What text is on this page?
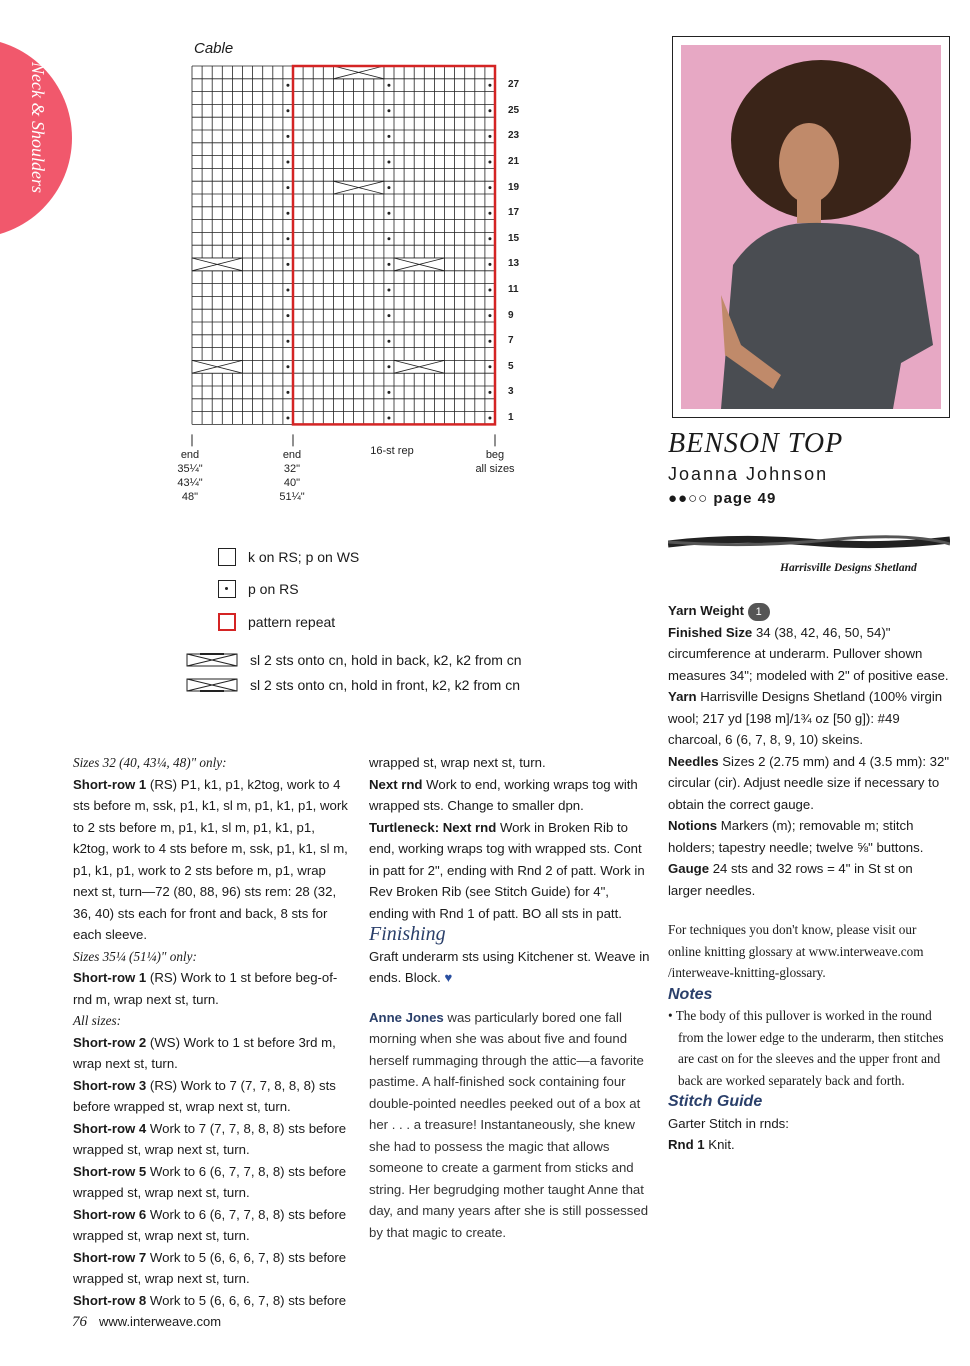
Neck & Shoulders
Cable
27
25
23
21
19
17
15
13
11
9
7
5
3
1
16-st rep
end
35¼"
43¼"
48"
end
32"
40"
51¼"
beg
all sizes
k on RS; p on WS
p on RS
pattern repeat
sl 2 sts onto cn, hold in back, k2, k2 from cn
sl 2 sts onto cn, hold in front, k2, k2 from cn

Sizes 32 (40, 43¼, 48)" only:

Short-row 1 (RS) P1, k1, p1, k2tog, work to 4 sts before m, ssk, p1, k1, sl m, p1, k1, p1, work to 2 sts before m, p1, k1, sl m, p1, k1, p1, k2tog, work to 4 sts before m, ssk, p1, k1, sl m, p1, k1, p1, work to 2 sts before m, p1, wrap next st, turn—72 (80, 88, 96) sts rem: 28 (32, 36, 40) sts each for front and back, 8 sts for each sleeve.

Sizes 35¼ (51¼)" only:

Short-row 1 (RS) Work to 1 st before beg-of-rnd m, wrap next st, turn.

All sizes:

Short-row 2 (WS) Work to 1 st before 3rd m, wrap next st, turn.

Short-row 3 (RS) Work to 7 (7, 7, 8, 8, 8) sts before wrapped st, wrap next st, turn.

Short-row 4 Work to 7 (7, 7, 8, 8, 8) sts before wrapped st, wrap next st, turn.

Short-row 5 Work to 6 (6, 7, 7, 8, 8) sts before wrapped st, wrap next st, turn.

Short-row 6 Work to 6 (6, 7, 7, 8, 8) sts before wrapped st, wrap next st, turn.

Short-row 7 Work to 5 (6, 6, 6, 7, 8) sts before wrapped st, wrap next st, turn.

Short-row 8 Work to 5 (6, 6, 6, 7, 8) sts before

wrapped st, wrap next st, turn.

Next rnd Work to end, working wraps tog with wrapped sts. Change to smaller dpn.

Turtleneck: Next rnd Work in Broken Rib to end, working wraps tog with wrapped sts. Cont in patt for 2", ending with Rnd 2 of patt. Work in Rev Broken Rib (see Stitch Guide) for 4", ending with Rnd 1 of patt. BO all sts in patt.

Finishing

Graft underarm sts using Kitchener st. Weave in ends. Block. ♥

Anne Jones was particularly bored one fall morning when she was about five and found herself rummaging through the attic—a favorite pastime. A half-finished sock containing four double-pointed needles peeked out of a box at her . . . a treasure! Instantaneously, she knew she had to possess the magic that allows someone to create a garment from sticks and string. Her begrudging mother taught Anne that day, and many years after she is still possessed by that magic to create.

BENSON TOP
Joanna Johnson
●●○○ page 49
Harrisville Designs Shetland

Yarn Weight 1

Finished Size 34 (38, 42, 46, 50, 54)" circumference at underarm. Pullover shown measures 34"; modeled with 2" of positive ease.

Yarn Harrisville Designs Shetland (100% virgin wool; 217 yd [198 m]/1¾ oz [50 g]): #49 charcoal, 6 (6, 7, 8, 9, 10) skeins.

Needles Sizes 2 (2.75 mm) and 4 (3.5 mm): 32" circular (cir). Adjust needle size if necessary to obtain the correct gauge.

Notions Markers (m); removable m; stitch holders; tapestry needle; twelve ⅝" buttons.

Gauge 24 sts and 32 rows = 4" in St st on larger needles.

For techniques you don't know, please visit our online knitting glossary at www.interweave.com /interweave-knitting-glossary.

Notes

• The body of this pullover is worked in the round from the lower edge to the underarm, then stitches are cast on for the sleeves and the upper front and back are worked separately back and forth.

Stitch Guide

Garter Stitch in rnds:

Rnd 1 Knit.

76 www.interweave.com
